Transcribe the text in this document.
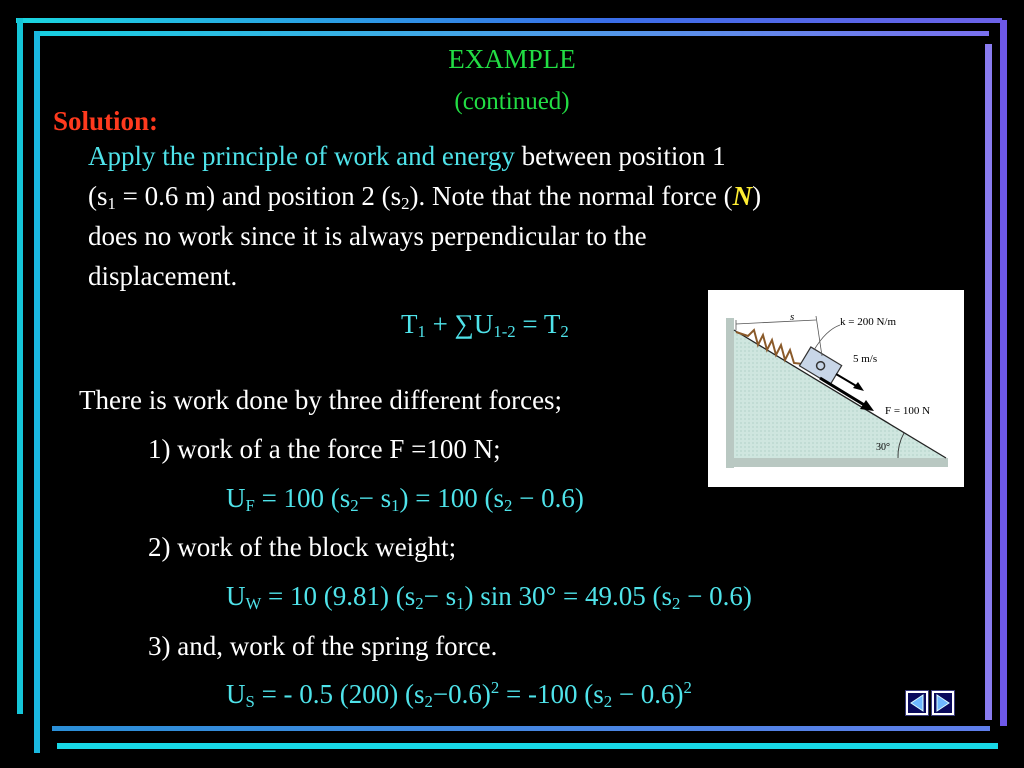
EXAMPLE
(continued)
Solution:
Apply the principle of work and energy between position 1
($s_1 = 0.6$ m) and position 2 $(s_2)$. Note that the normal force (N)
does no work since it is always perpendicular to the
displacement.
$T_1 + \sum U_{1-2} = T_2$
s	k = 200 N/m
5 m/s
F = 100 N
30°
There is work done by three different forces;
1) work of a the force F =100 N;
$U_F = 100$ $(s_2- s_1) = 100$ $(s_2 - 0.6)$
2) work of the block weight;
$U_W = 10$ (9.81) $(s_2- s_1)$ sin 30° = 49.05 $(s_2 - 0.6)$
3) and, work of the spring force.
$U_S$ = - 0.5 (200) $(s_2-0.6)^2 = -100$ $(s_2 - 0.6)^2$
